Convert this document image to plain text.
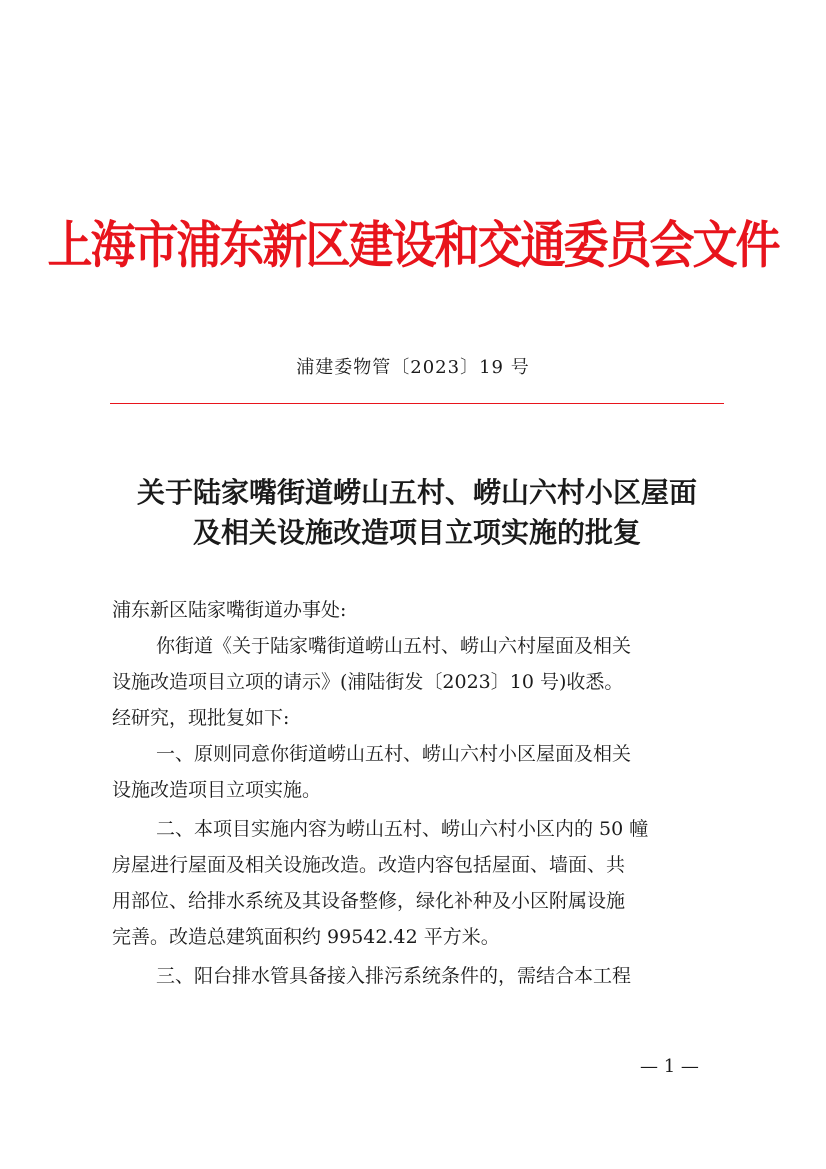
上海市浦东新区建设和交通委员会文件
浦建委物管〔2023〕19 号
关于陆家嘴街道崂山五村、崂山六村小区屋面
及相关设施改造项目立项实施的批复
浦东新区陆家嘴街道办事处:
你街道《关于陆家嘴街道崂山五村、崂山六村屋面及相关
设施改造项目立项的请示》(浦陆街发〔2023〕10 号)收悉。
经研究，现批复如下:
一、原则同意你街道崂山五村、崂山六村小区屋面及相关
设施改造项目立项实施。
二、本项目实施内容为崂山五村、崂山六村小区内的 50 幢
房屋进行屋面及相关设施改造。改造内容包括屋面、墙面、共
用部位、给排水系统及其设备整修，绿化补种及小区附属设施
完善。改造总建筑面积约 99542.42 平方米。
三、阳台排水管具备接入排污系统条件的，需结合本工程
— 1 —
